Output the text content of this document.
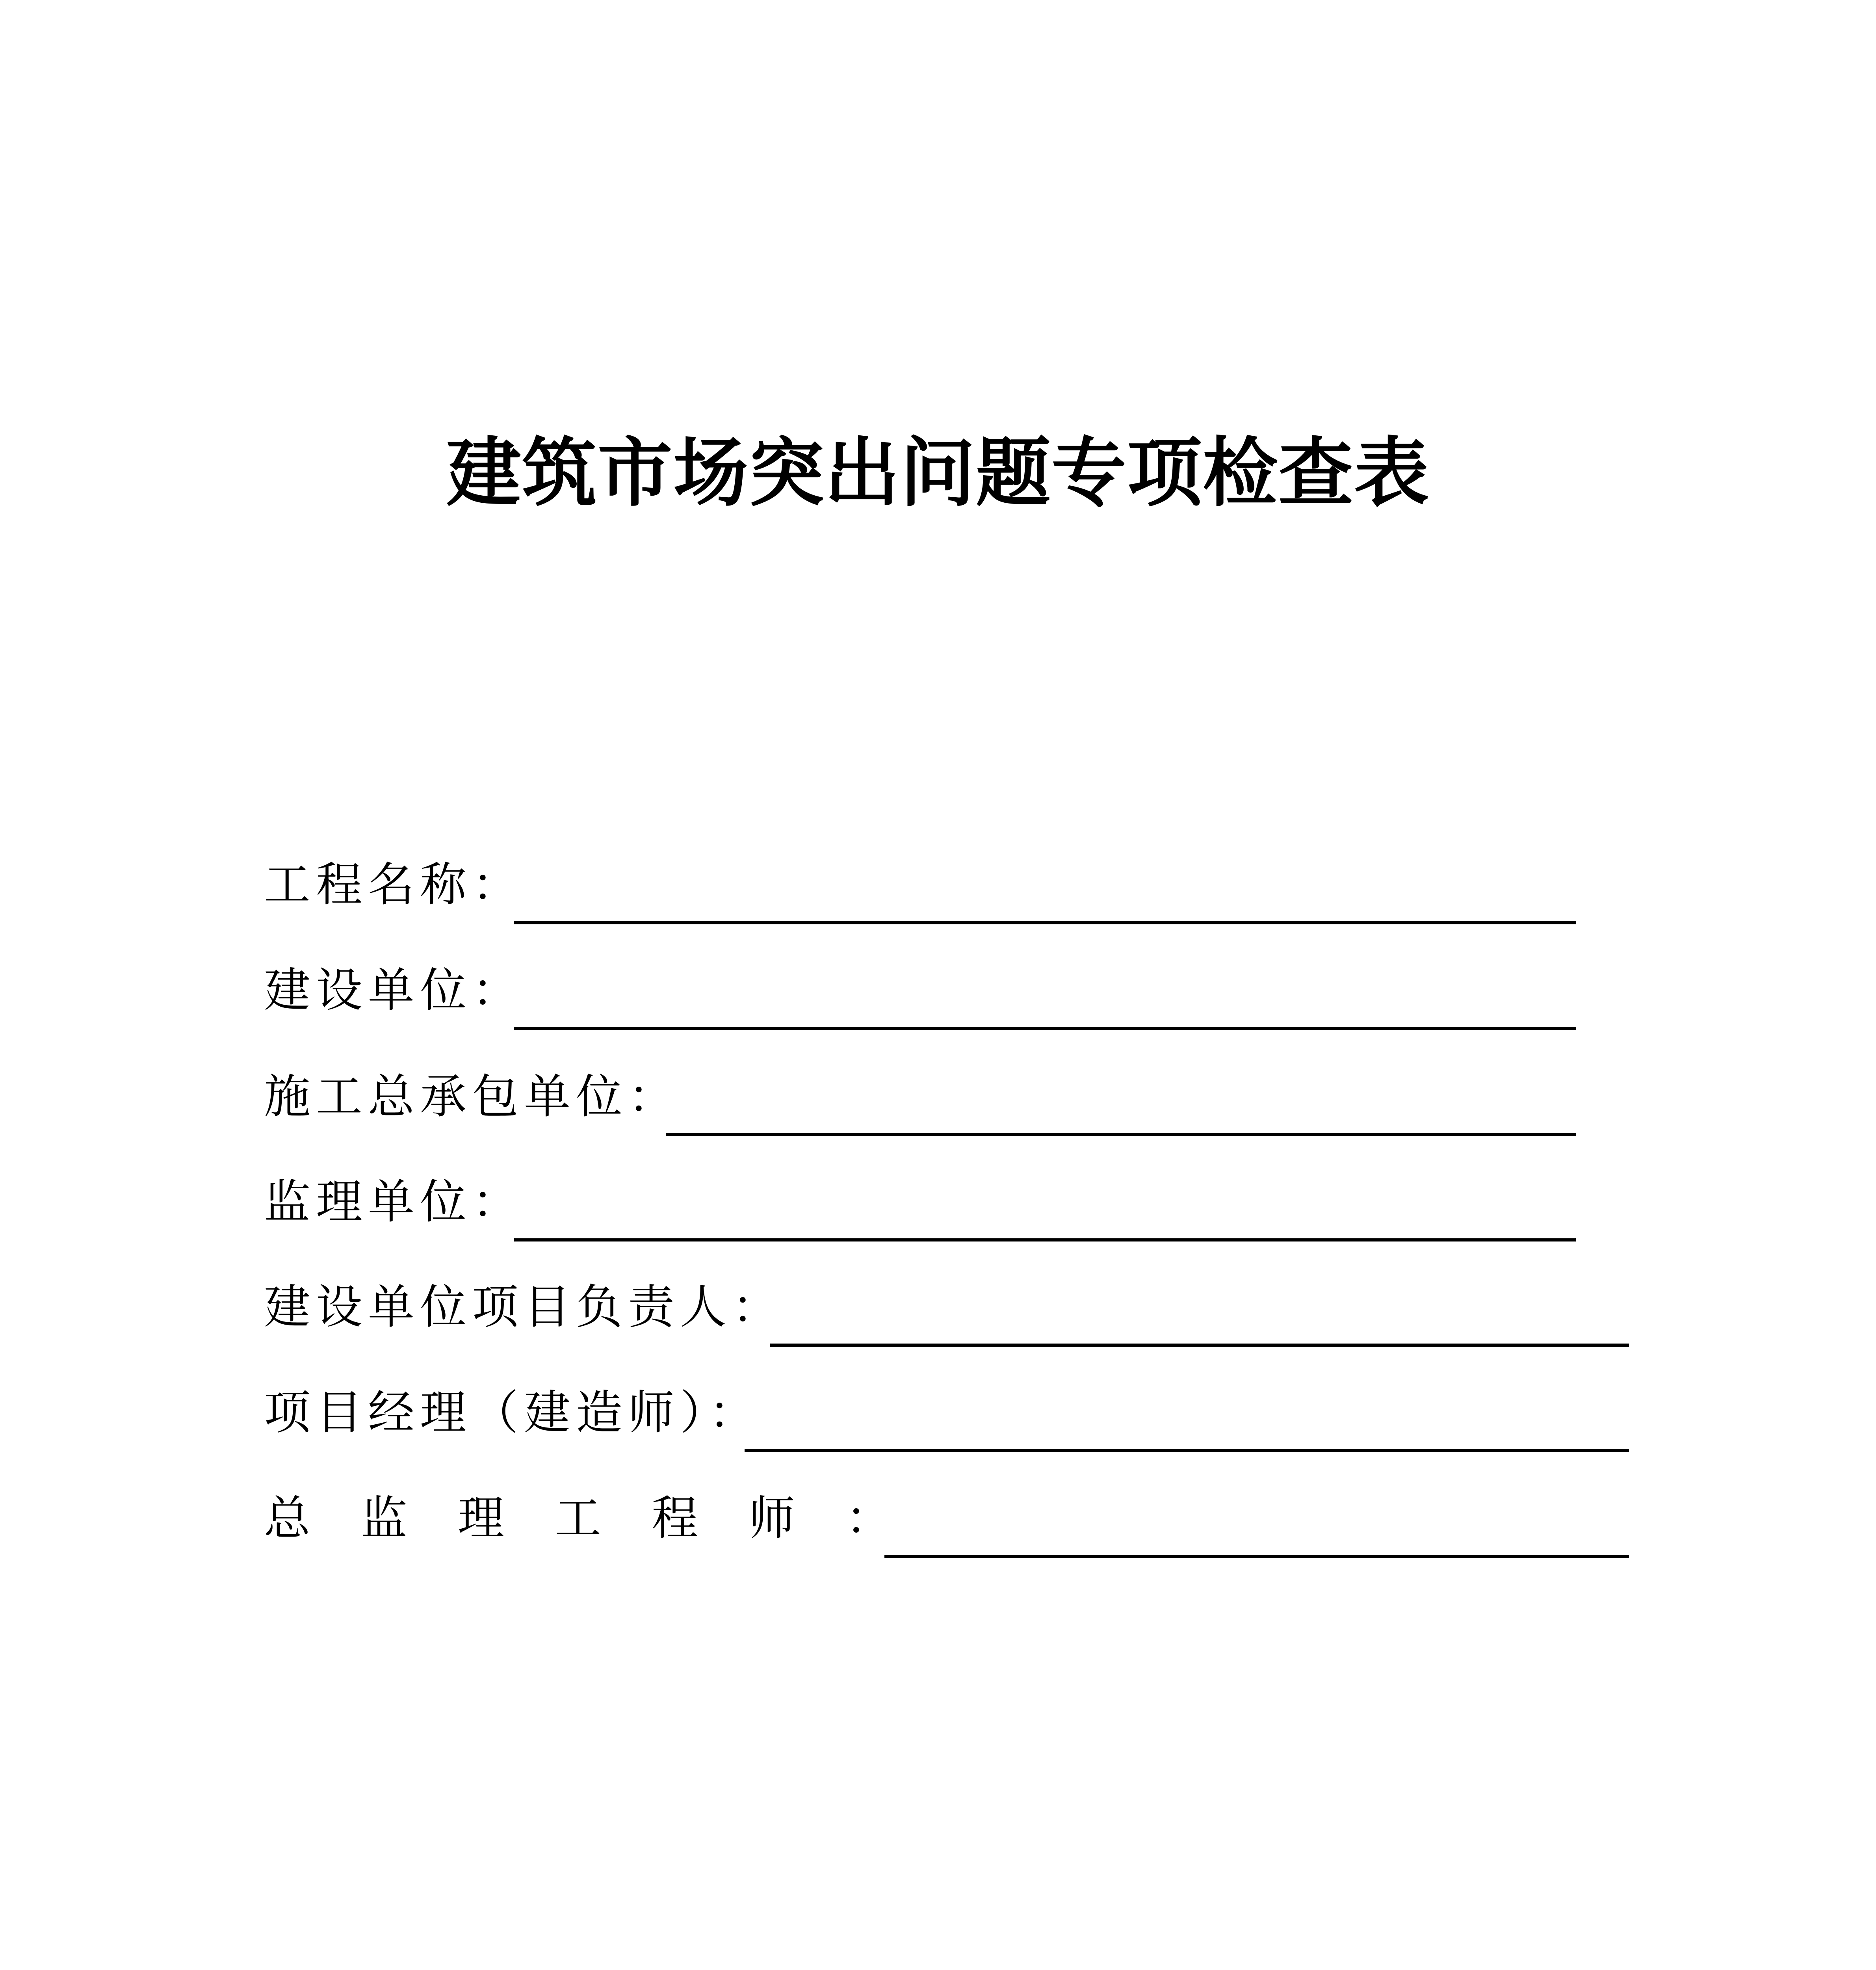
建筑市场突出问题专项检查表
工程名称：
建设单位：
施工总承包单位：
监理单位：
建设单位项目负责人：
项目经理（建造师）：
总监理工程师：
